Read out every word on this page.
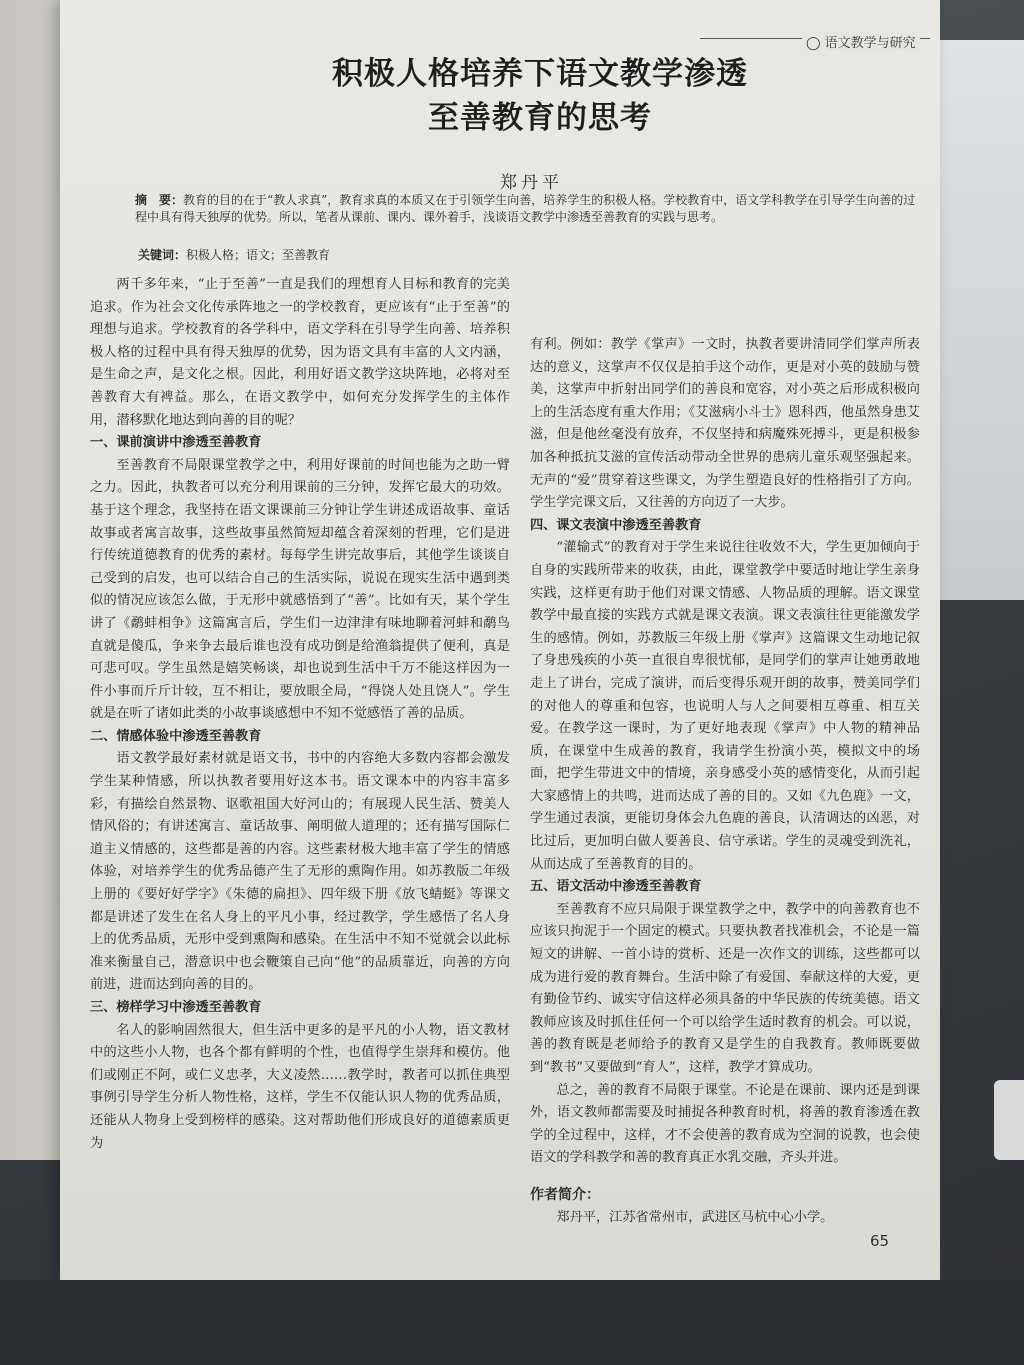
◯ 语文教学与研究
积极人格培养下语文教学渗透
至善教育的思考
郑丹平
摘　要：教育的目的在于“教人求真”，教育求真的本质又在于引领学生向善，培养学生的积极人格。学校教育中，语文学科教学在引导学生向善的过程中具有得天独厚的优势。所以，笔者从课前、课内、课外着手，浅谈语文教学中渗透至善教育的实践与思考。
关键词：积极人格；语文；至善教育

两千多年来，“止于至善”一直是我们的理想育人目标和教育的完美追求。作为社会文化传承阵地之一的学校教育，更应该有“止于至善”的理想与追求。学校教育的各学科中，语文学科在引导学生向善、培养积极人格的过程中具有得天独厚的优势，因为语文具有丰富的人文内涵，是生命之声，是文化之根。因此，利用好语文教学这块阵地，必将对至善教育大有裨益。那么，在语文教学中，如何充分发挥学生的主体作用，潜移默化地达到向善的目的呢？

一、课前演讲中渗透至善教育

至善教育不局限课堂教学之中，利用好课前的时间也能为之助一臂之力。因此，执教者可以充分利用课前的三分钟，发挥它最大的功效。基于这个理念，我坚持在语文课课前三分钟让学生讲述成语故事、童话故事或者寓言故事，这些故事虽然简短却蕴含着深刻的哲理，它们是进行传统道德教育的优秀的素材。每每学生讲完故事后，其他学生谈谈自己受到的启发，也可以结合自己的生活实际，说说在现实生活中遇到类似的情况应该怎么做，于无形中就感悟到了“善”。比如有天，某个学生讲了《鹬蚌相争》这篇寓言后，学生们一边津津有味地聊着河蚌和鹬鸟直就是傻瓜，争来争去最后谁也没有成功倒是给渔翁提供了便利，真是可悲可叹。学生虽然是嬉笑畅谈，却也说到生活中千万不能这样因为一件小事而斤斤计较，互不相让，要放眼全局，“得饶人处且饶人”。学生就是在听了诸如此类的小故事谈感想中不知不觉感悟了善的品质。

二、情感体验中渗透至善教育

语文教学最好素材就是语文书，书中的内容绝大多数内容都会激发学生某种情感，所以执教者要用好这本书。语文课本中的内容丰富多彩，有描绘自然景物、讴歌祖国大好河山的；有展现人民生活、赞美人情风俗的；有讲述寓言、童话故事、阐明做人道理的；还有描写国际仁道主义情感的，这些都是善的内容。这些素材极大地丰富了学生的情感体验，对培养学生的优秀品德产生了无形的熏陶作用。如苏教版二年级上册的《要好好学字》《朱德的扁担》、四年级下册《放飞蜻蜓》等课文都是讲述了发生在名人身上的平凡小事，经过教学，学生感悟了名人身上的优秀品质，无形中受到熏陶和感染。在生活中不知不觉就会以此标准来衡量自己，潜意识中也会鞭策自己向“他”的品质靠近，向善的方向前进，进而达到向善的目的。

三、榜样学习中渗透至善教育

名人的影响固然很大，但生活中更多的是平凡的小人物，语文教材中的这些小人物，也各个都有鲜明的个性，也值得学生崇拜和模仿。他们或刚正不阿，或仁义忠孝，大义凌然……教学时，教者可以抓住典型事例引导学生分析人物性格，这样，学生不仅能认识人物的优秀品质，还能从人物身上受到榜样的感染。这对帮助他们形成良好的道德素质更为

有利。例如：教学《掌声》一文时，执教者要讲清同学们掌声所表达的意义，这掌声不仅仅是拍手这个动作，更是对小英的鼓励与赞美，这掌声中折射出同学们的善良和宽容，对小英之后形成积极向上的生活态度有重大作用；《艾滋病小斗士》恩科西，他虽然身患艾滋，但是他丝毫没有放弃，不仅坚持和病魔殊死搏斗，更是积极参加各种抵抗艾滋的宣传活动带动全世界的患病儿童乐观坚强起来。无声的“爱”贯穿着这些课文，为学生塑造良好的性格指引了方向。学生学完课文后，又往善的方向迈了一大步。

四、课文表演中渗透至善教育

“灌输式”的教育对于学生来说往往收效不大，学生更加倾向于自身的实践所带来的收获，由此，课堂教学中要适时地让学生亲身实践，这样更有助于他们对课文情感、人物品质的理解。语文课堂教学中最直接的实践方式就是课文表演。课文表演往往更能激发学生的感情。例如，苏教版三年级上册《掌声》这篇课文生动地记叙了身患残疾的小英一直很自卑很忧郁，是同学们的掌声让她勇敢地走上了讲台，完成了演讲，而后变得乐观开朗的故事，赞美同学们的对他人的尊重和包容，也说明人与人之间要相互尊重、相互关爱。在教学这一课时，为了更好地表现《掌声》中人物的精神品质，在课堂中生成善的教育，我请学生扮演小英，模拟文中的场面，把学生带进文中的情境，亲身感受小英的感情变化，从而引起大家感情上的共鸣，进而达成了善的目的。又如《九色鹿》一文，学生通过表演，更能切身体会九色鹿的善良，认清调达的凶恶，对比过后，更加明白做人要善良、信守承诺。学生的灵魂受到洗礼，从而达成了至善教育的目的。

五、语文活动中渗透至善教育

至善教育不应只局限于课堂教学之中，教学中的向善教育也不应该只拘泥于一个固定的模式。只要执教者找准机会，不论是一篇短文的讲解、一首小诗的赏析、还是一次作文的训练，这些都可以成为进行爱的教育舞台。生活中除了有爱国、奉献这样的大爱，更有勤俭节约、诚实守信这样必须具备的中华民族的传统美德。语文教师应该及时抓住任何一个可以给学生适时教育的机会。可以说，善的教育既是老师给予的教育又是学生的自我教育。教师既要做到“教书”又要做到“育人”，这样，教学才算成功。

总之，善的教育不局限于课堂。不论是在课前、课内还是到课外，语文教师都需要及时捕捉各种教育时机，将善的教育渗透在教学的全过程中，这样，才不会使善的教育成为空洞的说教，也会使语文的学科教学和善的教育真正水乳交融，齐头并进。

作者简介：

郑丹平，江苏省常州市，武进区马杭中心小学。

65
